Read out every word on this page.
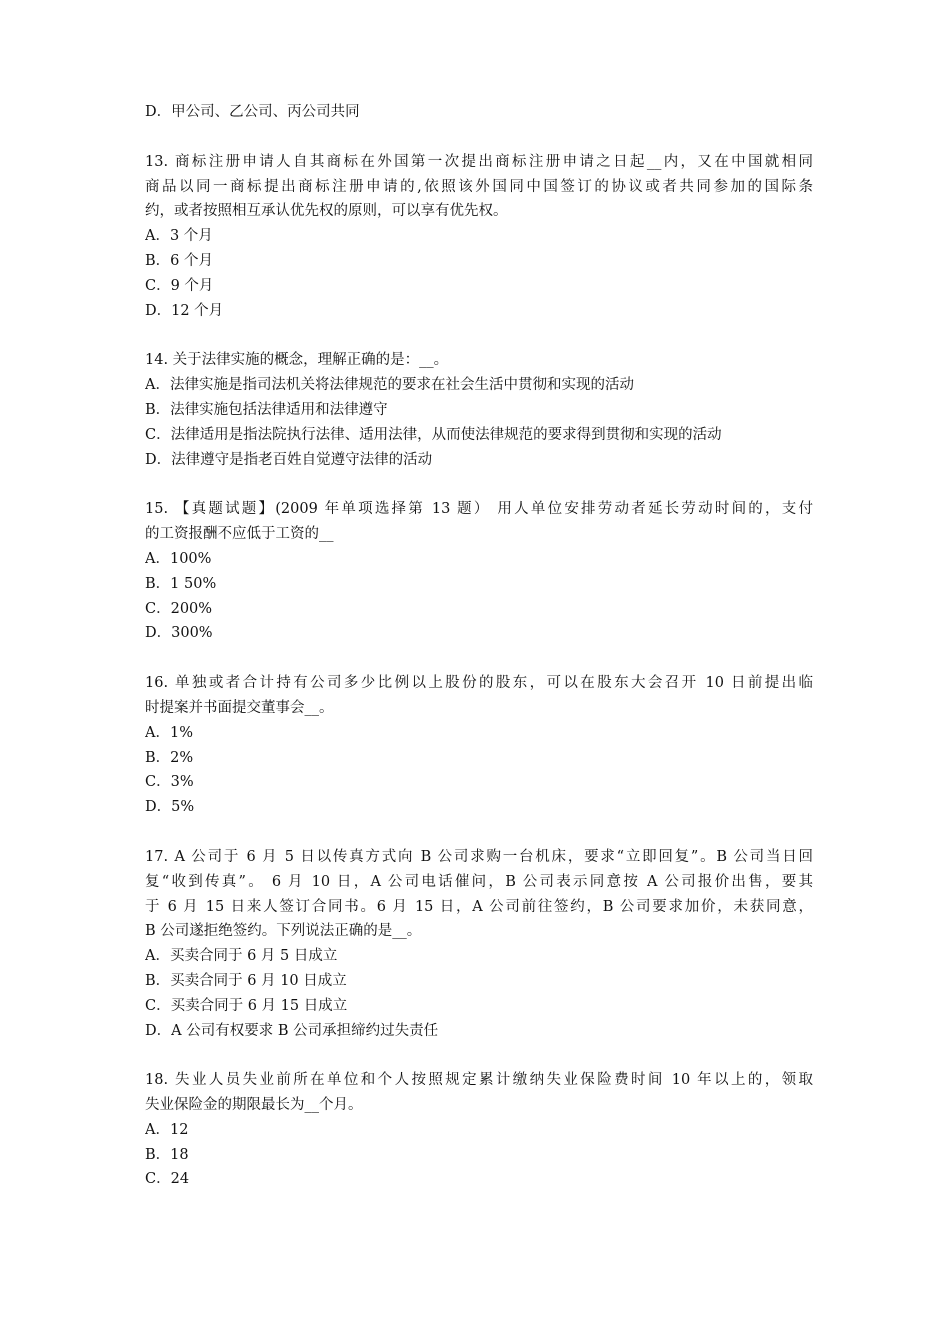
D．甲公司、乙公司、丙公司共同
13. 商标注册申请人自其商标在外国第一次提出商标注册申请之日起__内，又在中国就相同
商品以同一商标提出商标注册申请的,依照该外国同中国签订的协议或者共同参加的国际条
约，或者按照相互承认优先权的原则，可以享有优先权。
A．3 个月
B．6 个月
C．9 个月
D．12 个月
14. 关于法律实施的概念，理解正确的是：__。
A．法律实施是指司法机关将法律规范的要求在社会生活中贯彻和实现的活动
B．法律实施包括法律适用和法律遵守
C．法律适用是指法院执行法律、适用法律，从而使法律规范的要求得到贯彻和实现的活动
D．法律遵守是指老百姓自觉遵守法律的活动
15. 【真题试题】(2009 年单项选择第 13 题） 用人单位安排劳动者延长劳动时间的，支付
的工资报酬不应低于工资的__
A．100%
B．1 50%
C．200%
D．300%
16. 单独或者合计持有公司多少比例以上股份的股东，可以在股东大会召开 10 日前提出临
时提案并书面提交董事会__。
A．1%
B．2%
C．3%
D．5%
17. A 公司于 6 月 5 日以传真方式向 B 公司求购一台机床，要求“立即回复”。B 公司当日回
复“收到传真”。 6 月 10 日，A 公司电话催问，B 公司表示同意按 A 公司报价出售，要其
于 6 月 15 日来人签订合同书。6 月 15 日，A 公司前往签约，B 公司要求加价，未获同意，
B 公司遂拒绝签约。下列说法正确的是__。
A．买卖合同于 6 月 5 日成立
B．买卖合同于 6 月 10 日成立
C．买卖合同于 6 月 15 日成立
D．A 公司有权要求 B 公司承担缔约过失责任
18. 失业人员失业前所在单位和个人按照规定累计缴纳失业保险费时间 10 年以上的，领取
失业保险金的期限最长为__个月。
A．12
B．18
C．24
